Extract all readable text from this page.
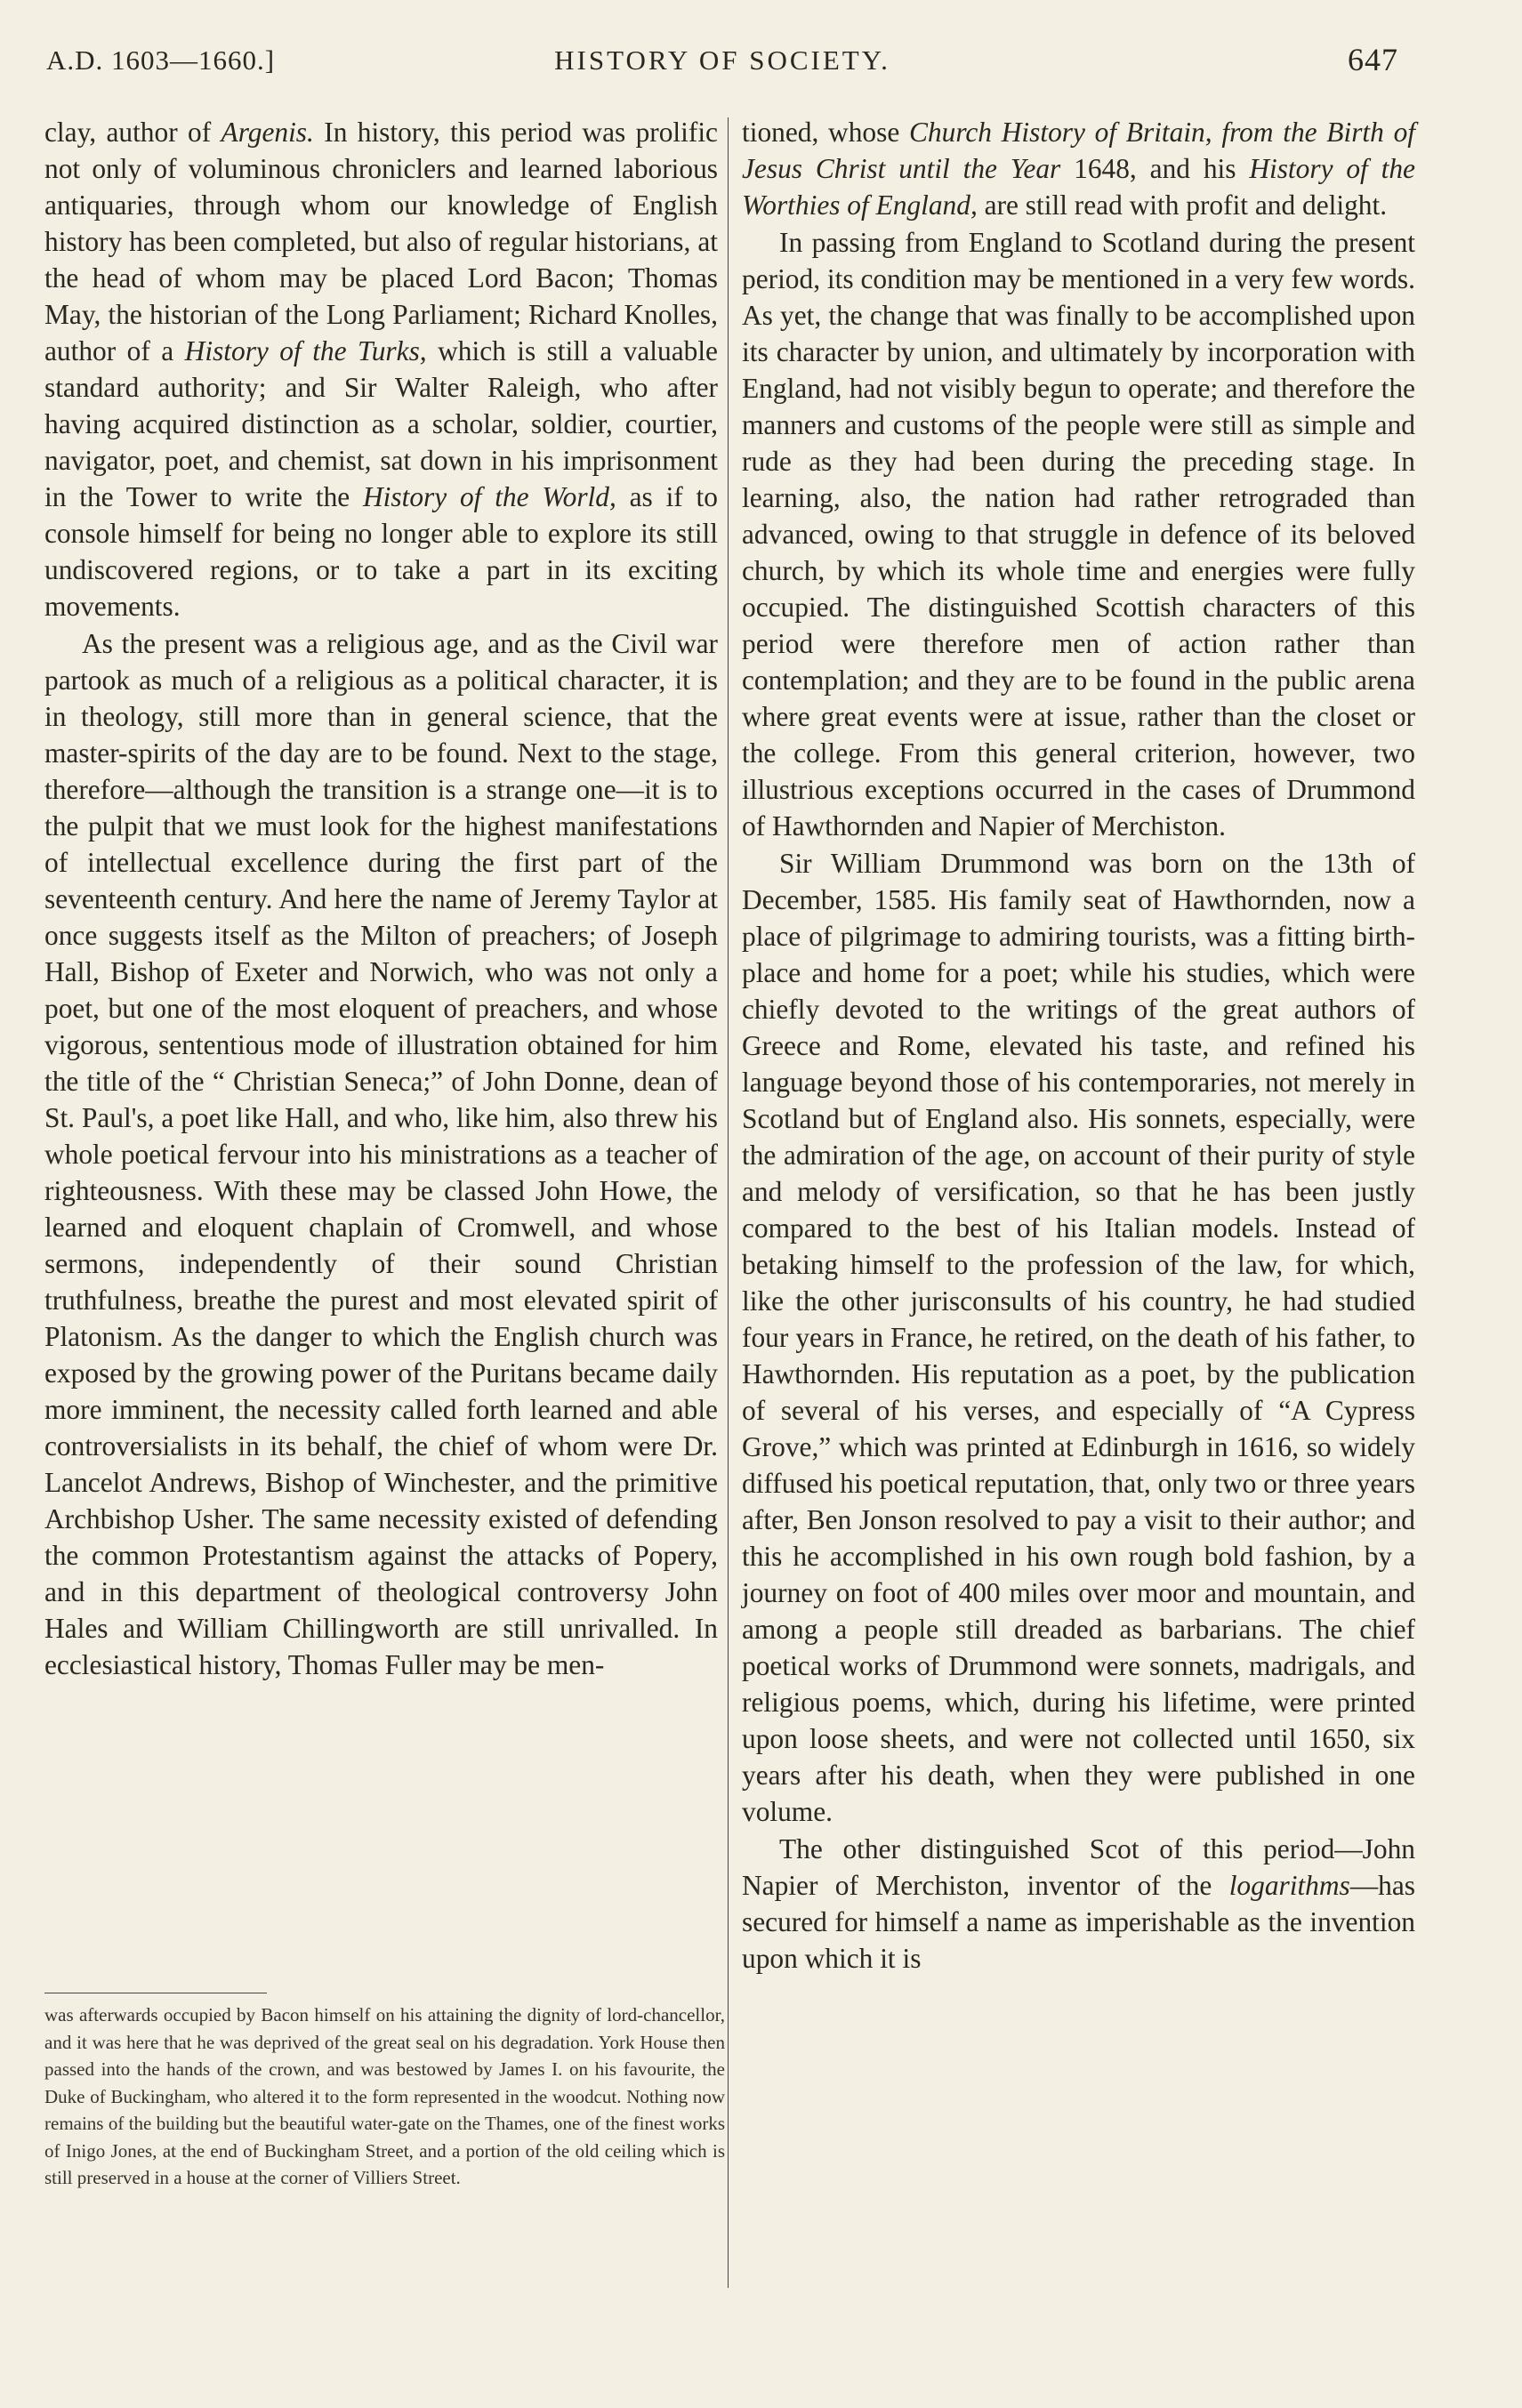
A.D. 1603—1660.]	HISTORY OF SOCIETY.	647

clay, author of Argenis. In history, this period was prolific not only of voluminous chroniclers and learned laborious antiquaries, through whom our knowledge of English history has been completed, but also of regular historians, at the head of whom may be placed Lord Bacon; Thomas May, the historian of the Long Parliament; Richard Knolles, author of a History of the Turks, which is still a valuable standard authority; and Sir Walter Raleigh, who after having acquired distinction as a scholar, soldier, courtier, navigator, poet, and chemist, sat down in his imprisonment in the Tower to write the History of the World, as if to console himself for being no longer able to explore its still undiscovered regions, or to take a part in its exciting movements.

As the present was a religious age, and as the Civil war partook as much of a religious as a political character, it is in theology, still more than in general science, that the master-spirits of the day are to be found. Next to the stage, therefore—although the transition is a strange one—it is to the pulpit that we must look for the highest manifestations of intellectual excellence during the first part of the seventeenth century. And here the name of Jeremy Taylor at once suggests itself as the Milton of preachers; of Joseph Hall, Bishop of Exeter and Norwich, who was not only a poet, but one of the most eloquent of preachers, and whose vigorous, sententious mode of illustration obtained for him the title of the “ Christian Seneca;” of John Donne, dean of St. Paul's, a poet like Hall, and who, like him, also threw his whole poetical fervour into his ministrations as a teacher of righteousness. With these may be classed John Howe, the learned and eloquent chaplain of Cromwell, and whose sermons, independently of their sound Christian truthfulness, breathe the purest and most elevated spirit of Platonism. As the danger to which the English church was exposed by the growing power of the Puritans became daily more imminent, the necessity called forth learned and able controversialists in its behalf, the chief of whom were Dr. Lancelot Andrews, Bishop of Winchester, and the primitive Archbishop Usher. The same necessity existed of defending the common Protestantism against the attacks of Popery, and in this department of theological controversy John Hales and William Chillingworth are still unrivalled. In ecclesiastical history, Thomas Fuller may be men-

was afterwards occupied by Bacon himself on his attaining the dignity of lord-chancellor, and it was here that he was deprived of the great seal on his degradation. York House then passed into the hands of the crown, and was bestowed by James I. on his favourite, the Duke of Buckingham, who altered it to the form represented in the woodcut. Nothing now remains of the building but the beautiful water-gate on the Thames, one of the finest works of Inigo Jones, at the end of Buckingham Street, and a portion of the old ceiling which is still preserved in a house at the corner of Villiers Street.

tioned, whose Church History of Britain, from the Birth of Jesus Christ until the Year 1648, and his History of the Worthies of England, are still read with profit and delight.

In passing from England to Scotland during the present period, its condition may be mentioned in a very few words. As yet, the change that was finally to be accomplished upon its character by union, and ultimately by incorporation with England, had not visibly begun to operate; and therefore the manners and customs of the people were still as simple and rude as they had been during the preceding stage. In learning, also, the nation had rather retrograded than advanced, owing to that struggle in defence of its beloved church, by which its whole time and energies were fully occupied. The distinguished Scottish characters of this period were therefore men of action rather than contemplation; and they are to be found in the public arena where great events were at issue, rather than the closet or the college. From this general criterion, however, two illustrious exceptions occurred in the cases of Drummond of Hawthornden and Napier of Merchiston.

Sir William Drummond was born on the 13th of December, 1585. His family seat of Hawthornden, now a place of pilgrimage to admiring tourists, was a fitting birth-place and home for a poet; while his studies, which were chiefly devoted to the writings of the great authors of Greece and Rome, elevated his taste, and refined his language beyond those of his contemporaries, not merely in Scotland but of England also. His sonnets, especially, were the admiration of the age, on account of their purity of style and melody of versification, so that he has been justly compared to the best of his Italian models. Instead of betaking himself to the profession of the law, for which, like the other jurisconsults of his country, he had studied four years in France, he retired, on the death of his father, to Hawthornden. His reputation as a poet, by the publication of several of his verses, and especially of “A Cypress Grove,” which was printed at Edinburgh in 1616, so widely diffused his poetical reputation, that, only two or three years after, Ben Jonson resolved to pay a visit to their author; and this he accomplished in his own rough bold fashion, by a journey on foot of 400 miles over moor and mountain, and among a people still dreaded as barbarians. The chief poetical works of Drummond were sonnets, madrigals, and religious poems, which, during his lifetime, were printed upon loose sheets, and were not collected until 1650, six years after his death, when they were published in one volume.

The other distinguished Scot of this period—John Napier of Merchiston, inventor of the logarithms—has secured for himself a name as imperishable as the invention upon which it is
